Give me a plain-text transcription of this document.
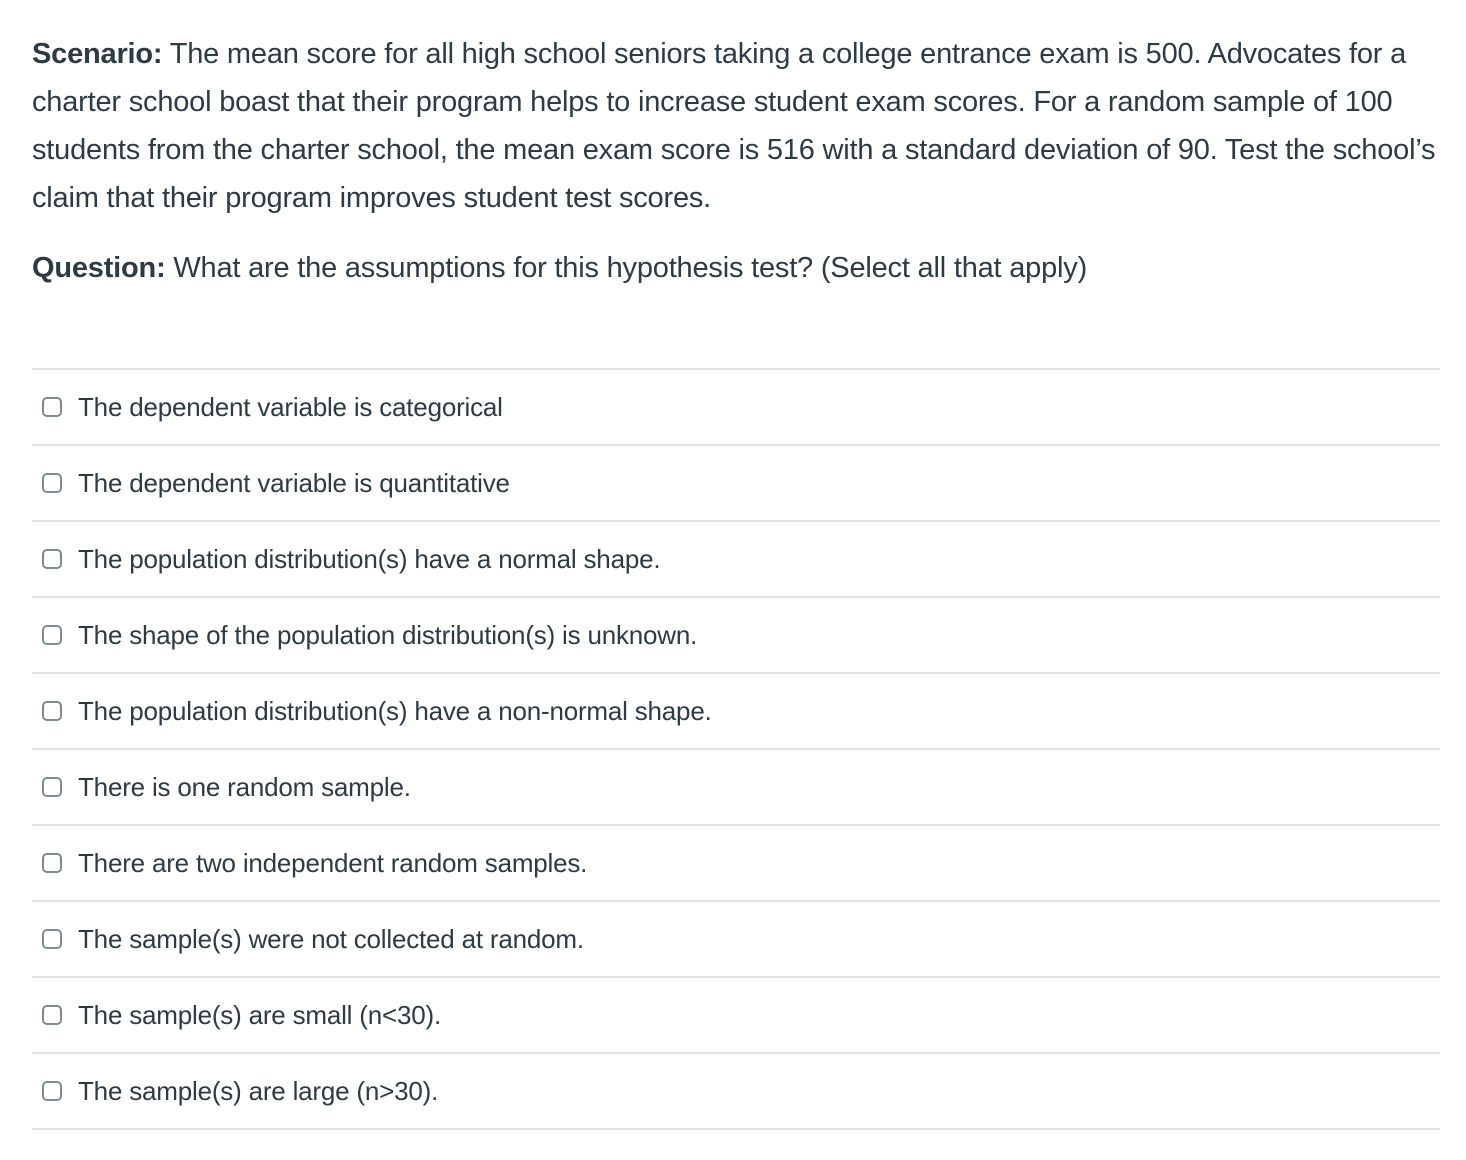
Scenario: The mean score for all high school seniors taking a college entrance exam is 500. Advocates for a charter school boast that their program helps to increase student exam scores. For a random sample of 100 students from the charter school, the mean exam score is 516 with a standard deviation of 90. Test the school’s claim that their program improves student test scores.

Question: What are the assumptions for this hypothesis test? (Select all that apply)

The dependent variable is categorical
The dependent variable is quantitative
The population distribution(s) have a normal shape.
The shape of the population distribution(s) is unknown.
The population distribution(s) have a non-normal shape.
There is one random sample.
There are two independent random samples.
The sample(s) were not collected at random.
The sample(s) are small (n<30).
The sample(s) are large (n>30).
